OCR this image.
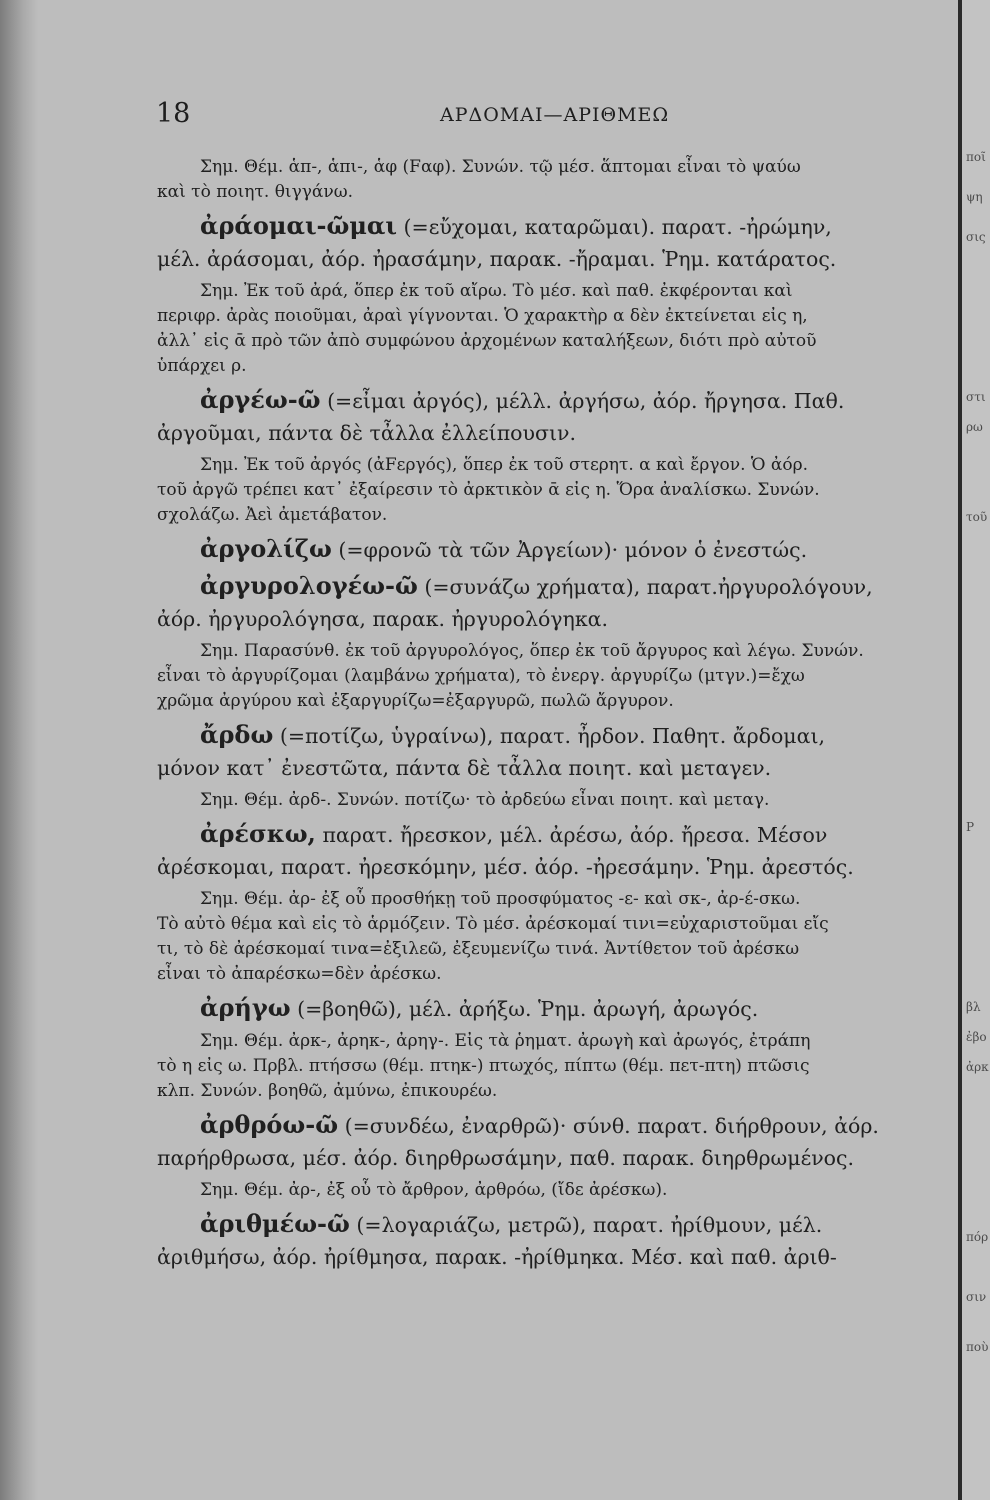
18	ΑΡΔΟΜΑΙ—ΑΡΙΘΜΕΩ
Σημ. Θέμ. ἁπ-, ἁπι-, ἁφ (Fαφ). Συνών. τῷ μέσ. ἅπτομαι εἶναι τὸ ψαύω
καὶ τὸ ποιητ. θιγγάνω.
ἀράομαι-ῶμαι (=εὔχομαι, καταρῶμαι). παρατ. -ἠρώμην,
μέλ. ἀράσομαι, ἀόρ. ἠρασάμην, παρακ. -ἤραμαι. Ῥημ. κατάρατος.
Σημ. Ἐκ τοῦ ἀρά, ὅπερ ἐκ τοῦ αἴρω. Τὸ μέσ. καὶ παθ. ἐκφέρονται καὶ
περιφρ. ἀρὰς ποιοῦμαι, ἀραὶ γίγνονται. Ὁ χαρακτὴρ α δὲν ἐκτείνεται εἰς η,
ἀλλ᾽ εἰς ᾱ πρὸ τῶν ἀπὸ συμφώνου ἀρχομένων καταλήξεων, διότι πρὸ αὐτοῦ
ὑπάρχει ρ.
ἀργέω-ῶ (=εἶμαι ἀργός), μέλλ. ἀργήσω, ἀόρ. ἤργησα. Παθ.
ἀργοῦμαι, πάντα δὲ τἆλλα ἐλλείπουσιν.
Σημ. Ἐκ τοῦ ἀργός (ἀFεργός), ὅπερ ἐκ τοῦ στερητ. α καὶ ἔργον. Ὁ ἀόρ.
τοῦ ἀργῶ τρέπει κατ᾽ ἐξαίρεσιν τὸ ἀρκτικὸν ᾱ εἰς η. Ὅρα ἀναλίσκω. Συνών.
σχολάζω. Ἀεὶ ἀμετάβατον.
ἀργολίζω (=φρονῶ τὰ τῶν Ἀργείων)· μόνον ὁ ἐνεστώς.
ἀργυρολογέω-ῶ (=συνάζω χρήματα), παρατ.ἠργυρολόγουν,
ἀόρ. ἠργυρολόγησα, παρακ. ἠργυρολόγηκα.
Σημ. Παρασύνθ. ἐκ τοῦ ἀργυρολόγος, ὅπερ ἐκ τοῦ ἄργυρος καὶ λέγω. Συνών.
εἶναι τὸ ἀργυρίζομαι (λαμβάνω χρήματα), τὸ ἐνεργ. ἀργυρίζω (μτγν.)=ἔχω
χρῶμα ἀργύρου καὶ ἐξαργυρίζω=ἐξαργυρῶ, πωλῶ ἄργυρον.
ἄρδω (=ποτίζω, ὑγραίνω), παρατ. ἦρδον. Παθητ. ἄρδομαι,
μόνον κατ᾽ ἐνεστῶτα, πάντα δὲ τἆλλα ποιητ. καὶ μεταγεν.
Σημ. Θέμ. ἀρδ-. Συνών. ποτίζω· τὸ ἀρδεύω εἶναι ποιητ. καὶ μεταγ.
ἀρέσκω, παρατ. ἤρεσκον, μέλ. ἀρέσω, ἀόρ. ἤρεσα. Μέσον
ἀρέσκομαι, παρατ. ἠρεσκόμην, μέσ. ἀόρ. -ἠρεσάμην. Ῥημ. ἀρεστός.
Σημ. Θέμ. ἀρ- ἐξ οὗ προσθήκῃ τοῦ προσφύματος -ε- καὶ σκ-, ἀρ-έ-σκω.
Τὸ αὐτὸ θέμα καὶ εἰς τὸ ἁρμόζειν. Τὸ μέσ. ἀρέσκομαί τινι=εὐχαριστοῦμαι εἴς
τι, τὸ δὲ ἀρέσκομαί τινα=ἐξιλεῶ, ἐξευμενίζω τινά. Ἀντίθετον τοῦ ἀρέσκω
εἶναι τὸ ἀπαρέσκω=δὲν ἀρέσκω.
ἀρήγω (=βοηθῶ), μέλ. ἀρήξω. Ῥημ. ἀρωγή, ἀρωγός.
Σημ. Θέμ. ἀρκ-, ἀρηκ-, ἀρηγ-. Εἰς τὰ ῥηματ. ἀρωγὴ καὶ ἀρωγός, ἐτράπη
τὸ η εἰς ω. Πρβλ. πτήσσω (θέμ. πτηκ-) πτωχός, πίπτω (θέμ. πετ-πτη) πτῶσις
κλπ. Συνών. βοηθῶ, ἀμύνω, ἐπικουρέω.
ἀρθρόω-ῶ (=συνδέω, ἐναρθρῶ)· σύνθ. παρατ. διήρθρουν, ἀόρ.
παρήρθρωσα, μέσ. ἀόρ. διηρθρωσάμην, παθ. παρακ. διηρθρωμένος.
Σημ. Θέμ. ἀρ-, ἐξ οὗ τὸ ἄρθρον, ἀρθρόω, (ἴδε ἀρέσκω).
ἀριθμέω-ῶ (=λογαριάζω, μετρῶ), παρατ. ἠρίθμουν, μέλ.
ἀριθμήσω, ἀόρ. ἠρίθμησα, παρακ. -ἠρίθμηκα. Μέσ. καὶ παθ. ἀριθ-
ποῖ
ψη
σις
στι
ρω
τοῦ
Ρ
βλ
ἐβο
ἀρκ
πόρ
σιν
ποὺ
